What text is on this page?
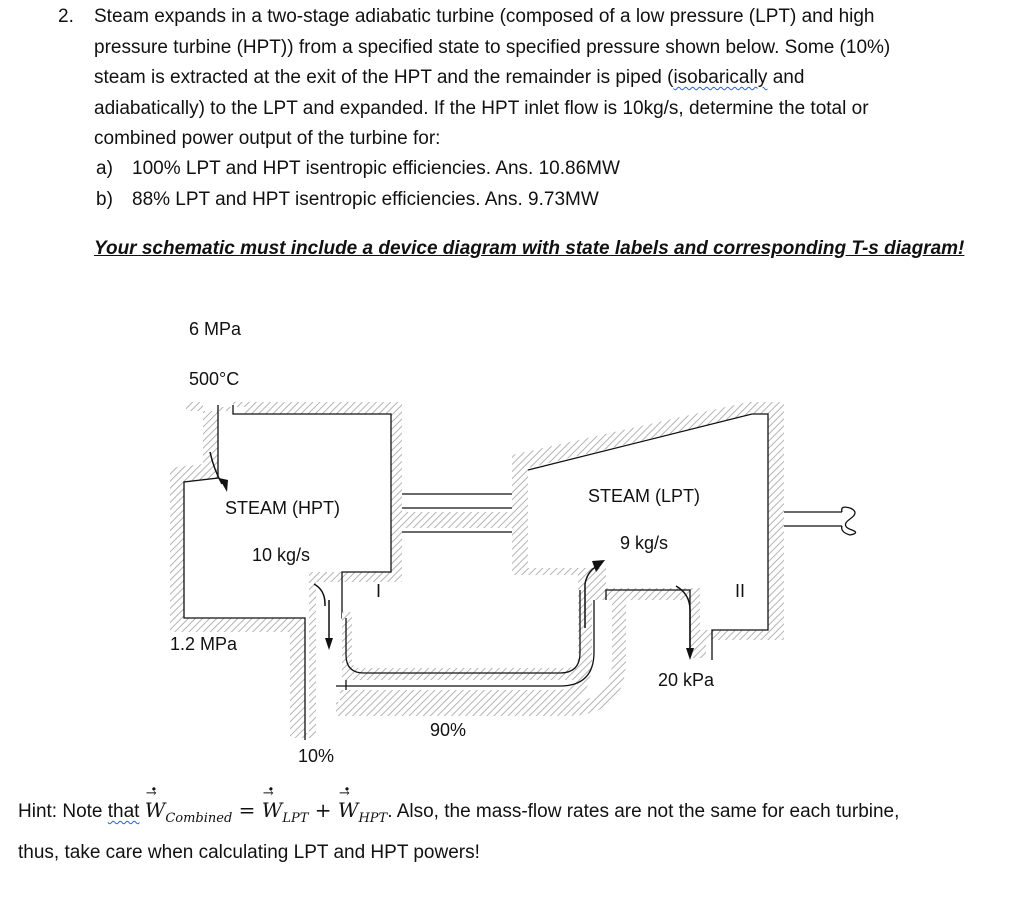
2. Steam expands in a two-stage adiabatic turbine (composed of a low pressure (LPT) and high
pressure turbine (HPT)) from a specified state to specified pressure shown below. Some (10%)
steam is extracted at the exit of the HPT and the remainder is piped (isobarically and
adiabatically) to the LPT and expanded. If the HPT inlet flow is 10kg/s, determine the total or
combined power output of the turbine for:
a) 100% LPT and HPT isentropic efficiencies. Ans. 10.86MW
b) 88% LPT and HPT isentropic efficiencies. Ans. 9.73MW
Your schematic must include a device diagram with state labels and corresponding T-s diagram!
6 MPa
500°C
STEAM (HPT)
10 kg/s
I
1.2 MPa
STEAM (LPT)
9 kg/s
II
20 kPa
90%
10%
Hint: Note that → $W \cdot_{Combined}$ = → $W \cdot_{LPT}$ + → $W \cdot_{HPT}$. Also, the mass-flow rates are not the same for each turbine,
thus, take care when calculating LPT and HPT powers!
